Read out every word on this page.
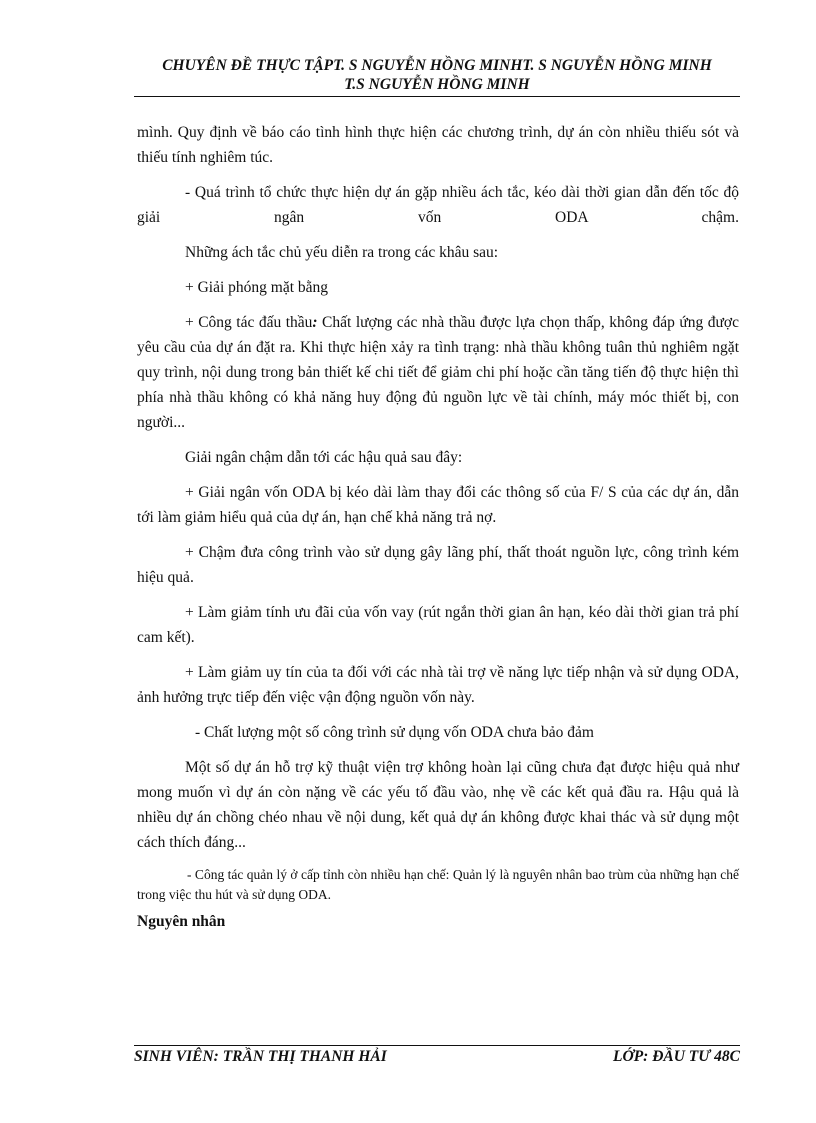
CHUYÊN ĐỀ THỰC TẬPT. S NGUYỄN HỒNG MINHT. S NGUYỄN HỒNG MINH
T.S NGUYỄN HỒNG MINH

mình. Quy định về báo cáo tình hình thực hiện các chương trình, dự án còn nhiều thiếu sót và thiếu tính nghiêm túc.

- Quá trình tổ chức thực hiện dự án gặp nhiều ách tắc, kéo dài thời gian dẫn đến tốc độ giải ngân vốn ODA chậm.

Những ách tắc chủ yếu diễn ra trong các khâu sau:

+ Giải phóng mặt bằng

+ Công tác đấu thầu: Chất lượng các nhà thầu được lựa chọn thấp, không đáp ứng được yêu cầu của dự án đặt ra. Khi thực hiện xảy ra tình trạng: nhà thầu không tuân thủ nghiêm ngặt quy trình, nội dung trong bản thiết kế chi tiết để giảm chi phí hoặc cần tăng tiến độ thực hiện thì phía nhà thầu không có khả năng huy động đủ nguồn lực về tài chính, máy móc thiết bị, con người...

Giải ngân chậm dẫn tới các hậu quả sau đây:

+ Giải ngân vốn ODA bị kéo dài làm thay đổi các thông số của F/ S của các dự án, dẫn tới làm giảm hiểu quả của dự án, hạn chế khả năng trả nợ.

+ Chậm đưa công trình vào sử dụng gây lãng phí, thất thoát nguồn lực, công trình kém hiệu quả.

+ Làm giảm tính ưu đãi của vốn vay (rút ngắn thời gian ân hạn, kéo dài thời gian trả phí cam kết).

+ Làm giảm uy tín của ta đối với các nhà tài trợ về năng lực tiếp nhận và sử dụng ODA, ảnh hưởng trực tiếp đến việc vận động nguồn vốn này.

- Chất lượng một số công trình sử dụng vốn ODA chưa bảo đảm

Một số dự án hỗ trợ kỹ thuật viện trợ không hoàn lại cũng chưa đạt được hiệu quả như mong muốn vì dự án còn nặng về các yếu tố đầu vào, nhẹ về các kết quả đầu ra. Hậu quả là nhiều dự án chồng chéo nhau về nội dung, kết quả dự án không được khai thác và sử dụng một cách thích đáng...

- Công tác quản lý ở cấp tỉnh còn nhiều hạn chế: Quản lý là nguyên nhân bao trùm của những hạn chế trong việc thu hút và sử dụng ODA.

Nguyên nhân

SINH VIÊN: TRẦN THỊ THANH HẢI	LỚP: ĐẦU TƯ 48C
